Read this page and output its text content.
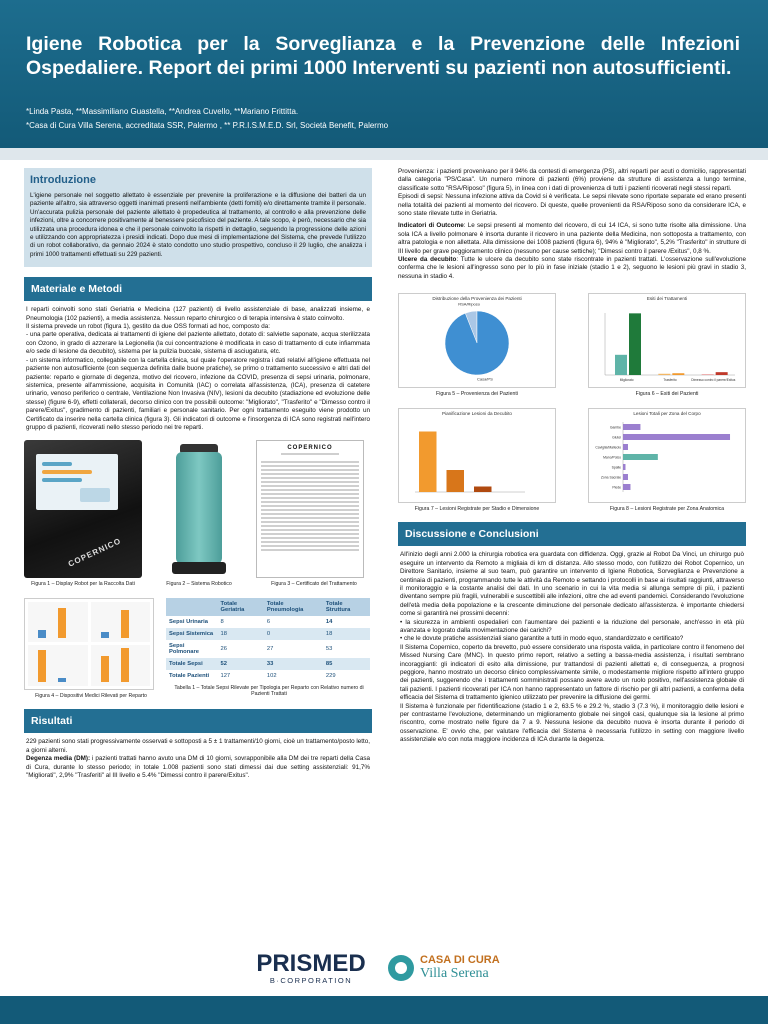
Igiene Robotica per la Sorveglianza e la Prevenzione delle Infezioni Ospedaliere. Report dei primi 1000 Interventi su pazienti non autosufficienti.
*Linda Pasta, **Massimiliano Guastella, **Andrea Cuvello, **Mariano Frittitta.
*Casa di Cura Villa Serena, accreditata SSR, Palermo , ** P.R.I.S.M.E.D. Srl, Società Benefit, Palermo
Introduzione
L'igiene personale nel soggetto allettato è essenziale per prevenire la proliferazione e la diffusione dei batteri da un paziente all'altro, sia attraverso oggetti inanimati presenti nell'ambiente (detti fomiti) e/o direttamente tramite il personale. Un'accurata pulizia personale del paziente allettato è propedeutica al trattamento, al controllo e alla prevenzione delle infezioni, oltre a concorrere positivamente al benessere psicofisico del paziente. A tale scopo, è però, necessario che sia utilizzata una procedura idonea e che il personale coinvolto la rispetti in dettaglio, seguendo la progressione delle azioni e utilizzando con appropriatezza i presidi indicati. Dopo due mesi di implementazione del Sistema, che prevede l'utilizzo di un robot collaborativo, da gennaio 2024 è stato condotto uno studio prospettivo, concluso il 29 luglio, che analizza i primi 1000 trattamenti effettuati su 229 pazienti.
Materiale e Metodi
I reparti coinvolti sono stati Geriatria e Medicina (127 pazienti) di livello assistenziale di base, analizzati insieme, e Pneumologia (102 pazienti), a media assistenza. Nessun reparto chirurgico o di terapia intensiva è stato coinvolto.
Il sistema prevede un robot (figura 1), gestito da due OSS formati ad hoc, composto da:
- una parte operativa, dedicata ai trattamenti di igiene del paziente allettato, dotato di: salviette saponate, acqua sterilizzata con Ozono, in grado di azzerare la Legionella (la cui concentrazione è modificata in caso di trattamento di cute infiammata e/o sede di lesione da decubito), sistema per la pulizia buccale, sistema di asciugatura, etc.
- un sistema informatico, collegabile con la cartella clinica, sul quale l'operatore registra i dati relativi all'igiene effettuata nel paziente non autosufficiente (con sequenza definita dalle buone pratiche), se primo o trattamento successivo e altri dati del paziente: reparto e giornate di degenza, motivo del ricovero, infezione da COVID, presenza di sepsi urinaria, polmonare, sistemica, presente all'ammissione, acquisita in Comunità (IAC) o correlata all'assistenza, (ICA), presenza di catetere urinario, venoso periferico o centrale, Ventilazione Non Invasiva (NIV), lesioni da decubito (stadiazione ed evoluzione delle stesse) (figure 6-9), effetti collaterali, decorso clinico con tre possibili outcome: "Migliorato", "Trasferito" e "Dimesso contro il parere/Exitus", gradimento di pazienti, familiari e personale sanitario. Per ogni trattamento eseguito viene prodotto un Certificato da inserire nella cartella clinica (figura 3). Gli indicatori di outcome e l'insorgenza di ICA sono registrati nell'intero gruppo di pazienti, ricoverati nello stesso periodo nei tre reparti.
COPERNICO
Figura 1 – Display Robot per la Raccolta Dati	Figura 2 – Sistema Robotico
COPERNICO
Figura 3 – Certificato del Trattamento
Figura 4 – Dispositivi Medici Rilevati per Reparto
	Totale Geriatria	Totale Pneumologia	Totale Struttura
Sepsi Urinaria	8	6	14
Sepsi Sistemica	18	0	18
Sepsi Polmonare	26	27	53
Totale Sepsi	52	33	85
Totale Pazienti	127	102	229
Tabella 1 – Totale Sepsi Rilevate per Tipologia per Reparto con Relativo numero di Pazienti Trattati
Risultati
229 pazienti sono stati progressivamente osservati e sottoposti a 5 ± 1 trattamenti/10 giorni, cioè un trattamento/posto letto, a giorni alterni.
Degenza media (DM): i pazienti trattati hanno avuto una DM di 10 giorni, sovrapponibile alla DM dei tre reparti della Casa di Cura, durante lo stesso periodo; in totale 1.008 pazienti sono stati dimessi dai due setting assistenziali: 91,7% "Migliorati", 2,9% "Trasferiti" al III livello e 5.4% "Dimessi contro il parere/Exitus".
Provenienza: i pazienti provenivano per il 94% da contesti di emergenza (PS), altri reparti per acuti o domicilio, rappresentati dalla categoria "PS/Casa". Un numero minore di pazienti (6%) proviene da strutture di assistenza a lungo termine, classificate sotto "RSA/Riposo" (figura 5), in linea con i dati di provenienza di tutti i pazienti ricoverati negli stessi reparti.
Episodi di sepsi: Nessuna infezione attiva da Covid si è verificata. Le sepsi rilevate sono riportate separate ed erano presenti nella totalità dei pazienti al momento del ricovero. Di queste, quelle provenienti da RSA/Riposo sono da considerare ICA, e sono state rilevate tutte in Geriatria.
Indicatori di Outcome: Le sepsi presenti al momento del ricovero, di cui 14 ICA, si sono tutte risolte alla dimissione. Una sola ICA a livello polmonare è insorta durante il ricovero in una paziente della Medicina, non sottoposta a trattamento, con altra patologia e non allettata. Alla dimissione dei 1008 pazienti (figura 6), 94% è "Migliorato", 5,2% "Trasferito" in strutture di III livello per grave peggioramento clinico (nessuno per cause settiche); "Dimessi contro il parere /Exitus", 0,8 %.
Ulcere da decubito: Tutte le ulcere da decubito sono state riscontrate in pazienti trattati. L'osservazione sull'evoluzione conferma che le lesioni all'ingresso sono per lo più in fase iniziale (stadio 1 e 2), seguono le lesioni più gravi in stadio 3, nessuna in stadio 4.
Distribuzione della Provenienza dei Pazienti
RSA/Riposo
Casa/PS
Figura 5 – Provenienza dei Pazienti
Esiti dei Trattamenti
Migliorato	Trasferito	Dimesso contro il parere/Exitus
Figura 6 – Esiti dei Pazienti
Pianificazione Lesioni da Decubito
Figura 7 – Lesioni Registrate per Stadio e Dimensione
Lesioni Totali per Zona del Corpo
Gambe
Glutei
Caviglia/Malleolo
Mano/Polso
Spalle
Zona Sacrale
Piede
Figura 8 – Lesioni Registrate per Zona Anatomica
Discussione e Conclusioni
All'inizio degli anni 2.000 la chirurgia robotica era guardata con diffidenza. Oggi, grazie al Robot Da Vinci, un chirurgo può eseguire un intervento da Remoto a migliaia di km di distanza. Allo stesso modo, con l'utilizzo dei Robot Copernico, un Direttore Sanitario, insieme al suo team, può garantire un intervento di Igiene Robotica, Sorveglianza e Prevenzione a centinaia di pazienti, programmando tutte le attività da Remoto e settando i protocolli in base ai risultati raggiunti, attraverso il monitoraggio e la costante analisi dei dati. In uno scenario in cui la vita media si allunga sempre di più, i pazienti diventano sempre più fragili, vulnerabili e suscettibili alle infezioni, oltre che ad eventi pandemici. Considerando l'evoluzione dell'età media della popolazione e la crescente diminuzione del personale dedicato all'assistenza. è importante chiedersi come si garantirà nei prossimi decenni:
• la sicurezza in ambienti ospedalieri con l'aumentare dei pazienti e la riduzione del personale, anch'esso in età più avanzata e logorato dalla movimentazione dei carichi?
• che le dovute pratiche assistenziali siano garantite a tutti in modo equo, standardizzato e certificato?
Il Sistema Copernico, coperto da brevetto, può essere considerato una risposta valida, in particolare contro il fenomeno del Missed Nursing Care (MNC). In questo primo report, relativo a setting a bassa-media assistenza, i risultati sembrano incoraggianti: gli indicatori di esito alla dimissione, pur trattandosi di pazienti allettati e, di conseguenza, a prognosi peggiore, hanno mostrato un decorso clinico complessivamente simile, o modestamente migliore rispetto all'intero gruppo dei pazienti, suggerendo che i trattamenti somministrati possano avere avuto un ruolo positivo, nell'assistenza globale di tali pazienti. I pazienti ricoverati per ICA non hanno rappresentato un fattore di rischio per gli altri pazienti, a conferma della efficacia del Sistema di trattamento igienico utilizzato per prevenire la diffusione dei germi.
Il Sistema è funzionale per l'identificazione (stadio 1 e 2, 63.5 % e 29.2 %, stadio 3 (7.3 %), il monitoraggio delle lesioni e per contrastarne l'evoluzione, determinando un miglioramento globale nei singoli casi, qualunque sia la lesione al primo riscontro, come mostrato nelle figure da 7 a 9. Nessuna lesione da decubito nuova è insorta durante il periodo di osservazione. E' ovvio che, per valutare l'efficacia del Sistema è necessaria l'utilizzo in setting con maggiore livello assistenziale e/o con nota maggiore incidenza di ICA durante la degenza.
PRISMED
B·CORPORATION
CASA DI CURA
Villa Serena
